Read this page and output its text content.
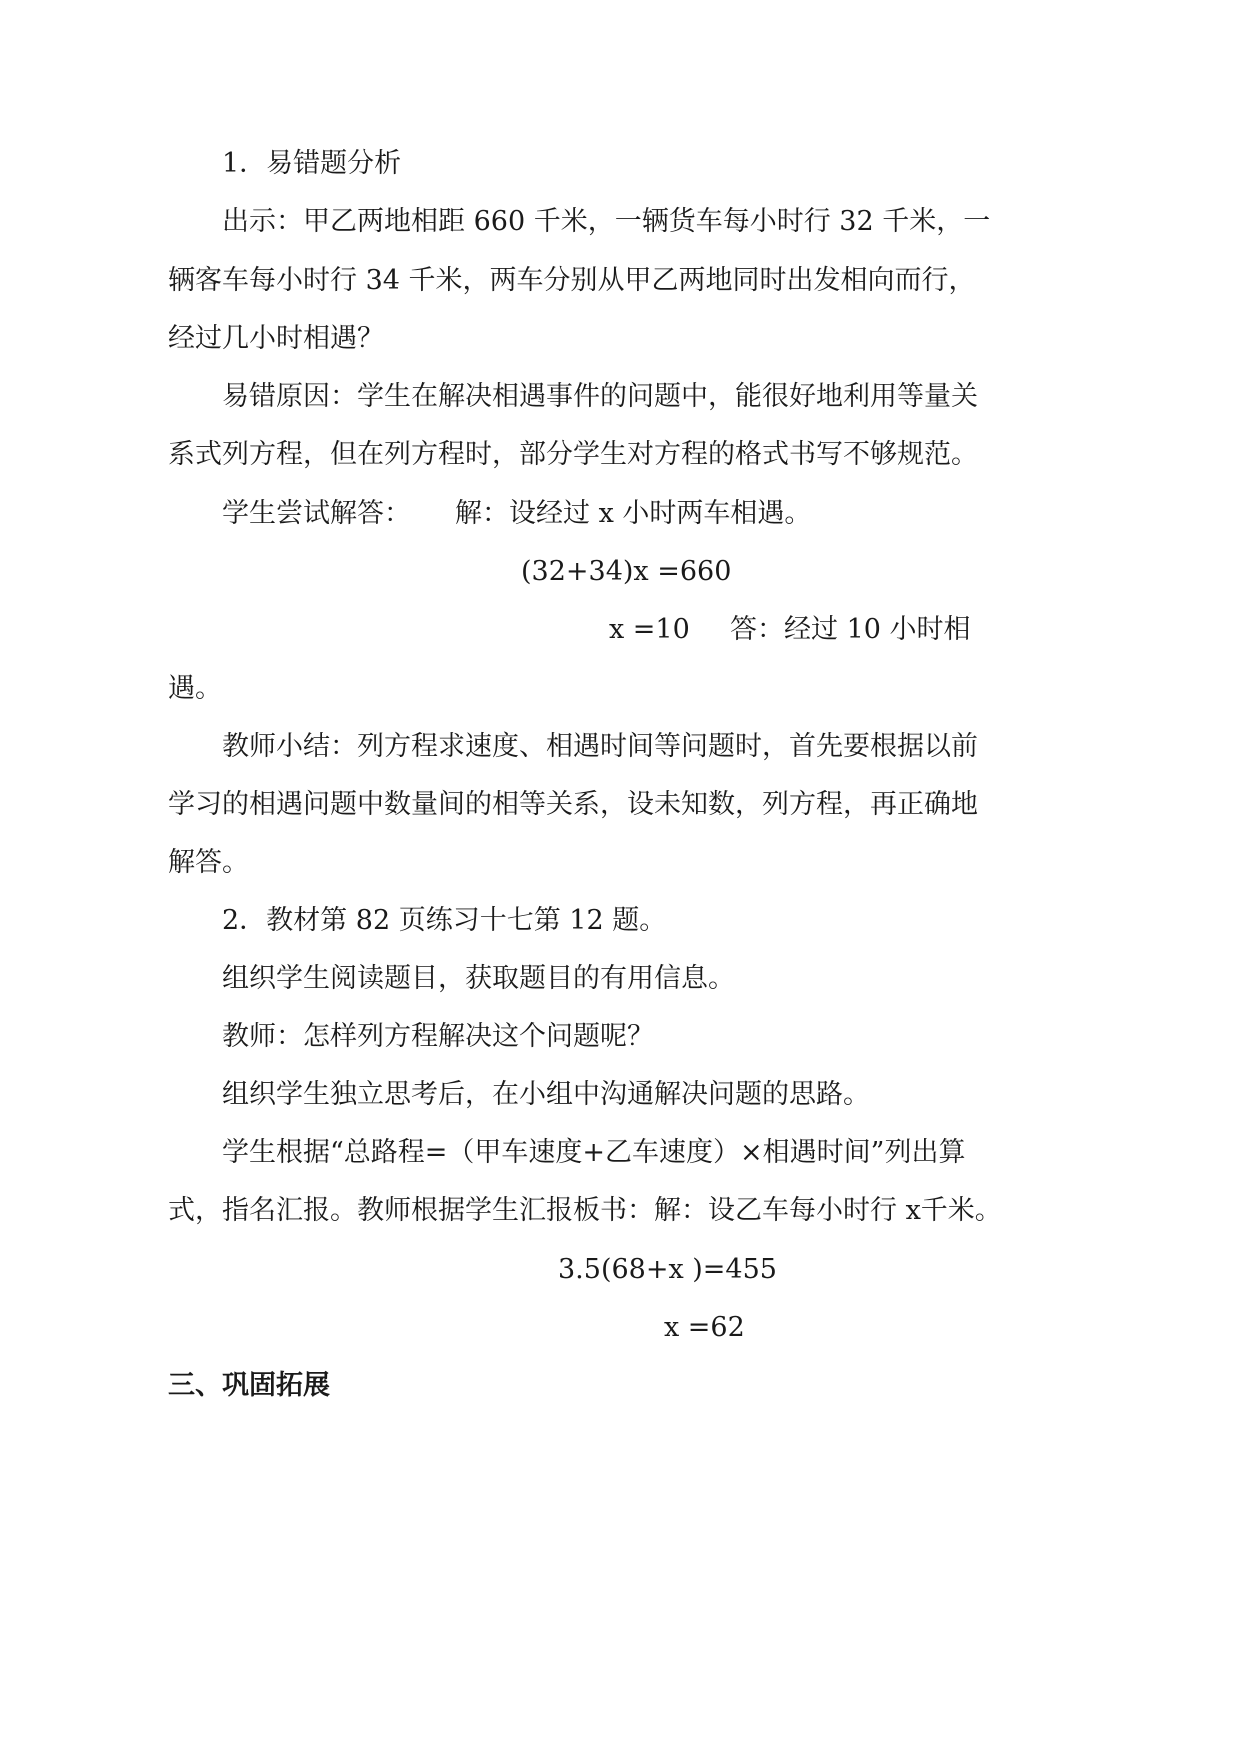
1．易错题分析
出示：甲乙两地相距 660 千米，一辆货车每小时行 32 千米，一
辆客车每小时行 34 千米，两车分别从甲乙两地同时出发相向而行，
经过几小时相遇？
易错原因：学生在解决相遇事件的问题中，能很好地利用等量关
系式列方程，但在列方程时，部分学生对方程的格式书写不够规范。
学生尝试解答： 解：设经过 x 小时两车相遇。
(32+34)x =660
x =10 答：经过 10 小时相
遇。
教师小结：列方程求速度、相遇时间等问题时，首先要根据以前
学习的相遇问题中数量间的相等关系，设未知数，列方程，再正确地
解答。
2．教材第 82 页练习十七第 12 题。
组织学生阅读题目，获取题目的有用信息。
教师：怎样列方程解决这个问题呢？
组织学生独立思考后，在小组中沟通解决问题的思路。
学生根据“总路程=（甲车速度+乙车速度）×相遇时间”列出算
式，指名汇报。教师根据学生汇报板书：解：设乙车每小时行 x千米。
3.5(68+x )=455
x =62
三、巩固拓展
